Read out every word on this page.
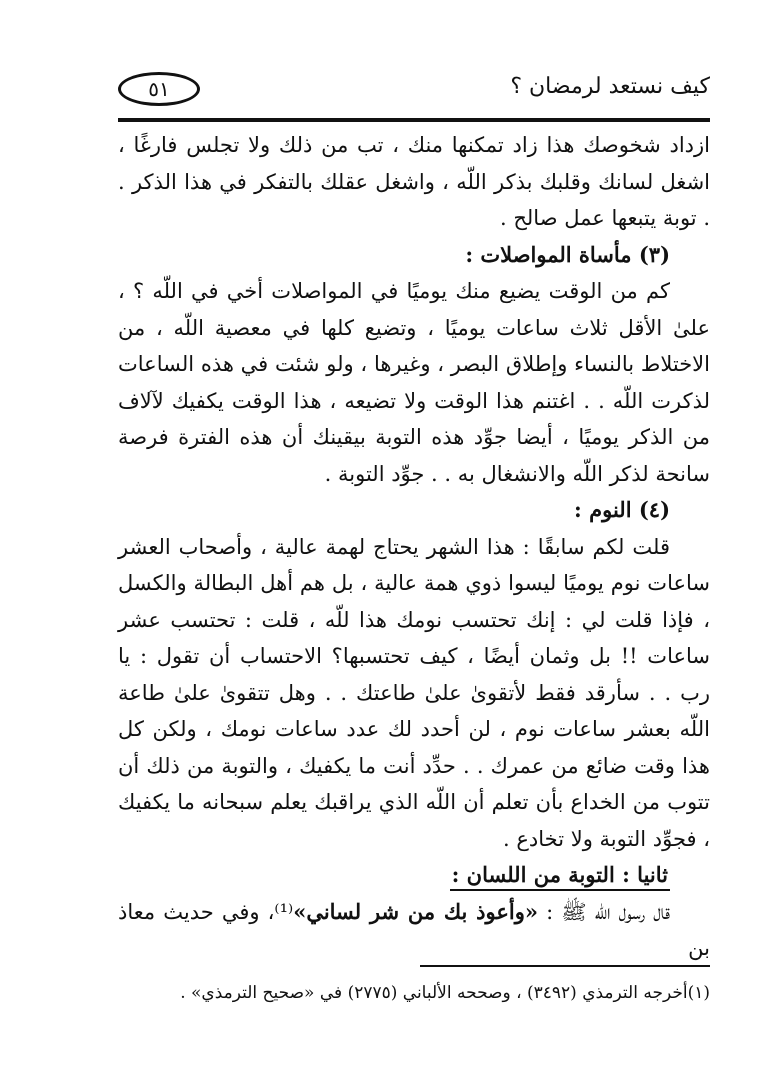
كيف نستعد لرمضان ؟
٥١

ازداد شخوصك هذا زاد تمكنها منك ، تب من ذلك ولا تجلس فارغًا ، اشغل لسانك وقلبك بذكر اللّه ، واشغل عقلك بالتفكر في هذا الذكر . . توبة يتبعها عمل صالح .

(٣) مأساة المواصلات :

كم من الوقت يضيع منك يوميًا في المواصلات أخي في اللّه ؟ ، علىٰ الأقل ثلاث ساعات يوميًا ، وتضيع كلها في معصية اللّه ، من الاختلاط بالنساء وإطلاق البصر ، وغيرها ، ولو شئت في هذه الساعات لذكرت اللّه . . اغتنم هذا الوقت ولا تضيعه ، هذا الوقت يكفيك لآلاف من الذكر يوميًا ، أيضا جوِّد هذه التوبة بيقينك أن هذه الفترة فرصة سانحة لذكر اللّه والانشغال به . . جوِّد التوبة .

(٤) النوم :

قلت لكم سابقًا : هذا الشهر يحتاج لهمة عالية ، وأصحاب العشر ساعات نوم يوميًا ليسوا ذوي همة عالية ، بل هم أهل البطالة والكسل ، فإذا قلت لي : إنك تحتسب نومك هذا للّه ، قلت : تحتسب عشر ساعات !! بل وثمان أيضًا ، كيف تحتسبها؟ الاحتساب أن تقول : يا رب . . سأرقد فقط لأتقوىٰ علىٰ طاعتك . . وهل تتقوىٰ علىٰ طاعة اللّه بعشر ساعات نوم ، لن أحدد لك عدد ساعات نومك ، ولكن كل هذا وقت ضائع من عمرك . . حدِّد أنت ما يكفيك ، والتوبة من ذلك أن تتوب من الخداع بأن تعلم أن اللّه الذي يراقبك يعلم سبحانه ما يكفيك ، فجوِّد التوبة ولا تخادع .

ثانيا : التوبة من اللسان :

قال رسول اللّه ﷺ : «وأعوذ بك من شر لساني»⁽¹⁾، وفي حديث معاذ بن

(١)أخرجه الترمذي (٣٤٩٢) ، وصححه الألباني (٢٧٧٥) في «صحيح الترمذي» .
